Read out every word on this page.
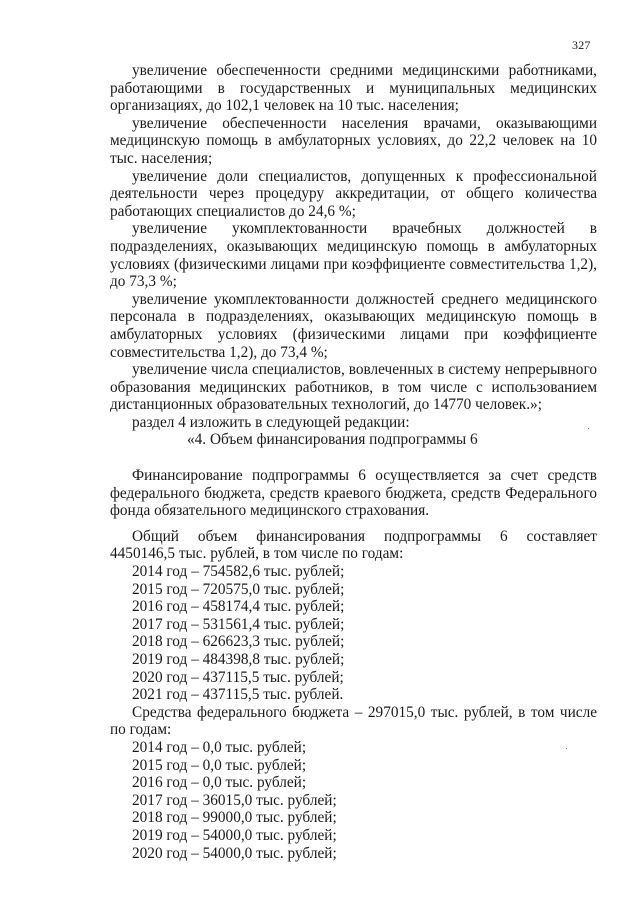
327

увеличение обеспеченности средними медицинскими работниками, работающими в государственных и муниципальных медицинских организациях, до 102,1 человек на 10 тыс. населения;

увеличение обеспеченности населения врачами, оказывающими медицинскую помощь в амбулаторных условиях, до 22,2 человек на 10 тыс. населения;

увеличение доли специалистов, допущенных к профессиональной деятельности через процедуру аккредитации, от общего количества работающих специалистов до 24,6 %;

увеличение укомплектованности врачебных должностей в подразделениях, оказывающих медицинскую помощь в амбулаторных условиях (физическими лицами при коэффициенте совместительства 1,2), до 73,3 %;

увеличение укомплектованности должностей среднего медицинского персонала в подразделениях, оказывающих медицинскую помощь в амбулаторных условиях (физическими лицами при коэффициенте совместительства 1,2), до 73,4 %;

увеличение числа специалистов, вовлеченных в систему непрерывного образования медицинских работников, в том числе с использованием дистанционных образовательных технологий, до 14770 человек.»;

раздел 4 изложить в следующей редакции:

«4. Объем финансирования подпрограммы 6

Финансирование подпрограммы 6 осуществляется за счет средств федерального бюджета, средств краевого бюджета, средств Федерального фонда обязательного медицинского страхования.

Общий объем финансирования подпрограммы 6 составляет

4450146,5 тыс. рублей, в том числе по годам:

2014 год – 754582,6 тыс. рублей;

2015 год – 720575,0 тыс. рублей;

2016 год – 458174,4 тыс. рублей;

2017 год – 531561,4 тыс. рублей;

2018 год – 626623,3 тыс. рублей;

2019 год – 484398,8 тыс. рублей;

2020 год – 437115,5 тыс. рублей;

2021 год – 437115,5 тыс. рублей.

Средства федерального бюджета – 297015,0 тыс. рублей, в том числе по годам:

2014 год – 0,0 тыс. рублей;

2015 год – 0,0 тыс. рублей;

2016 год – 0,0 тыс. рублей;

2017 год – 36015,0 тыс. рублей;

2018 год – 99000,0 тыс. рублей;

2019 год – 54000,0 тыс. рублей;

2020 год – 54000,0 тыс. рублей;
